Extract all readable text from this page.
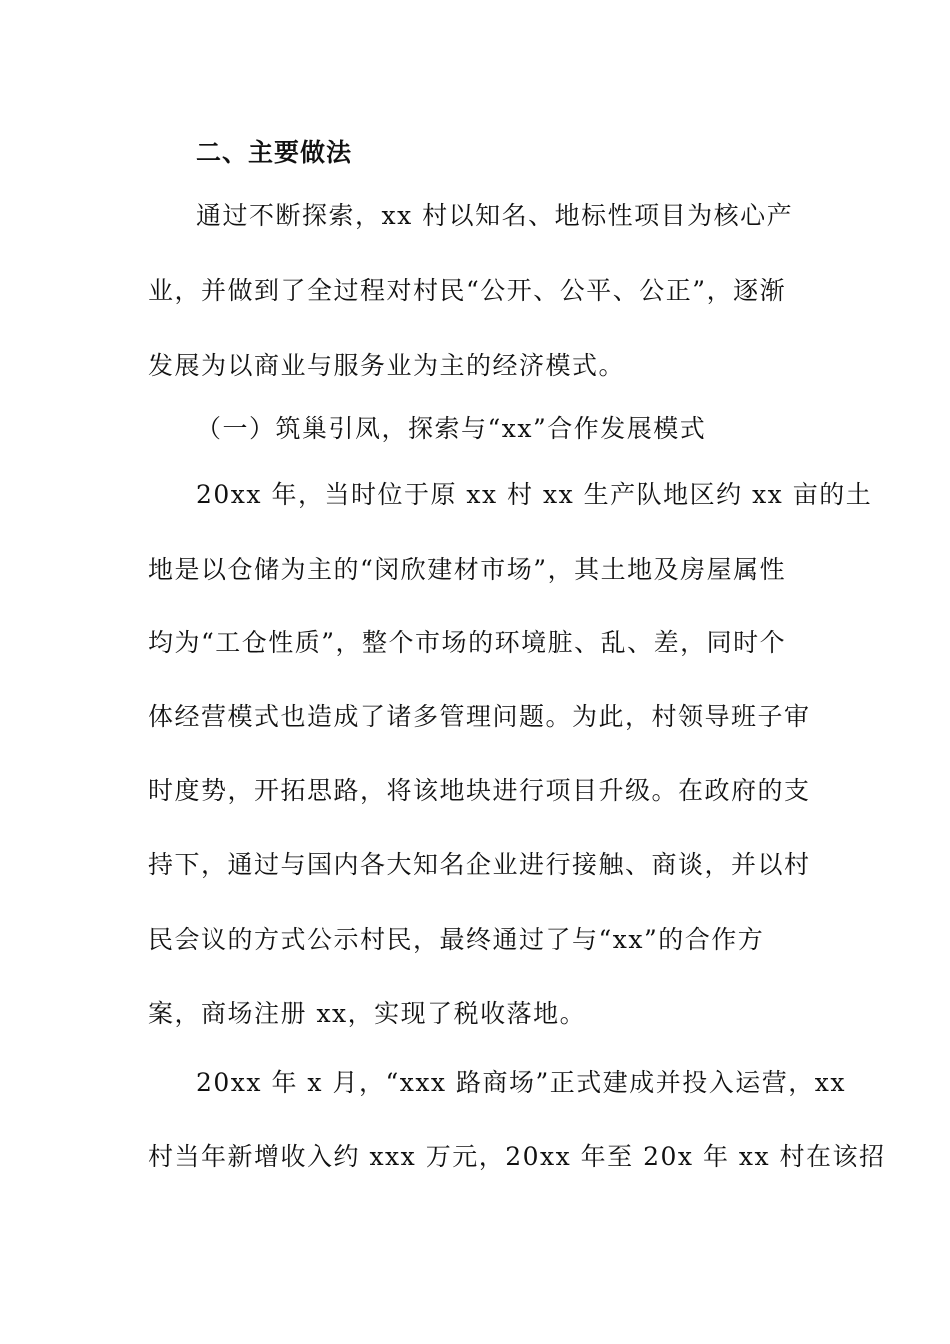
二、主要做法
通过不断探索，xx 村以知名、地标性项目为核心产
业，并做到了全过程对村民“公开、公平、公正”，逐渐
发展为以商业与服务业为主的经济模式。
（一）筑巢引凤，探索与“xx”合作发展模式
20xx 年，当时位于原 xx 村 xx 生产队地区约 xx 亩的土
地是以仓储为主的“闵欣建材市场”，其土地及房屋属性
均为“工仓性质”，整个市场的环境脏、乱、差，同时个
体经营模式也造成了诸多管理问题。为此，村领导班子审
时度势，开拓思路，将该地块进行项目升级。在政府的支
持下，通过与国内各大知名企业进行接触、商谈，并以村
民会议的方式公示村民，最终通过了与“xx”的合作方
案，商场注册 xx，实现了税收落地。
20xx 年 x 月，“xxx 路商场”正式建成并投入运营，xx
村当年新增收入约 xxx 万元，20xx 年至 20x 年 xx 村在该招
